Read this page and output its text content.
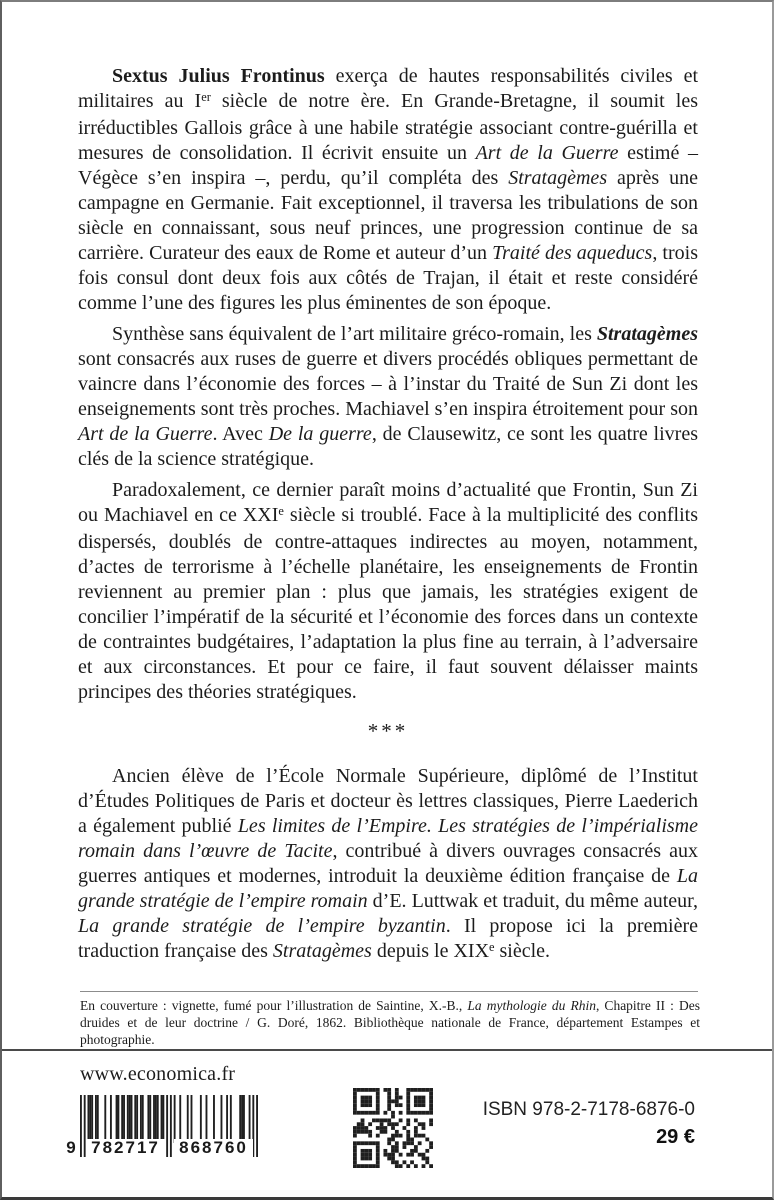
Sextus Julius Frontinus exerça de hautes responsabilités civiles et militaires au Ier siècle de notre ère. En Grande-Bretagne, il soumit les irréductibles Gallois grâce à une habile stratégie associant contre-guérilla et mesures de consolidation. Il écrivit ensuite un Art de la Guerre estimé – Végèce s’en inspira –, perdu, qu’il compléta des Stratagèmes après une campagne en Germanie. Fait exceptionnel, il traversa les tribulations de son siècle en connaissant, sous neuf princes, une progression continue de sa carrière. Curateur des eaux de Rome et auteur d’un Traité des aqueducs, trois fois consul dont deux fois aux côtés de Trajan, il était et reste considéré comme l’une des figures les plus éminentes de son époque.

Synthèse sans équivalent de l’art militaire gréco-romain, les Stratagèmes sont consacrés aux ruses de guerre et divers procédés obliques permettant de vaincre dans l’économie des forces – à l’instar du Traité de Sun Zi dont les enseignements sont très proches. Machiavel s’en inspira étroitement pour son Art de la Guerre. Avec De la guerre, de Clausewitz, ce sont les quatre livres clés de la science stratégique.

Paradoxalement, ce dernier paraît moins d’actualité que Frontin, Sun Zi ou Machiavel en ce XXIe siècle si troublé. Face à la multiplicité des conflits dispersés, doublés de contre-attaques indirectes au moyen, notamment, d’actes de terrorisme à l’échelle planétaire, les enseignements de Frontin reviennent au premier plan : plus que jamais, les stratégies exigent de concilier l’impératif de la sécurité et l’économie des forces dans un contexte de contraintes budgétaires, l’adaptation la plus fine au terrain, à l’adversaire et aux circonstances. Et pour ce faire, il faut souvent délaisser maints principes des théories stratégiques.

***

Ancien élève de l’École Normale Supérieure, diplômé de l’Institut d’Études Politiques de Paris et docteur ès lettres classiques, Pierre Laederich a également publié Les limites de l’Empire. Les stratégies de l’impérialisme romain dans l’œuvre de Tacite, contribué à divers ouvrages consacrés aux guerres antiques et modernes, introduit la deuxième édition française de La grande stratégie de l’empire romain d’E. Luttwak et traduit, du même auteur, La grande stratégie de l’empire byzantin. Il propose ici la première traduction française des Stratagèmes depuis le XIXe siècle.

En couverture : vignette, fumé pour l’illustration de Saintine, X.-B., La mythologie du Rhin, Chapitre II : Des druides et de leur doctrine / G. Doré, 1862. Bibliothèque nationale de France, département Estampes et photographie.

www.economica.fr
9 782717	868760
ISBN 978-2-7178-6876-0
29 €
